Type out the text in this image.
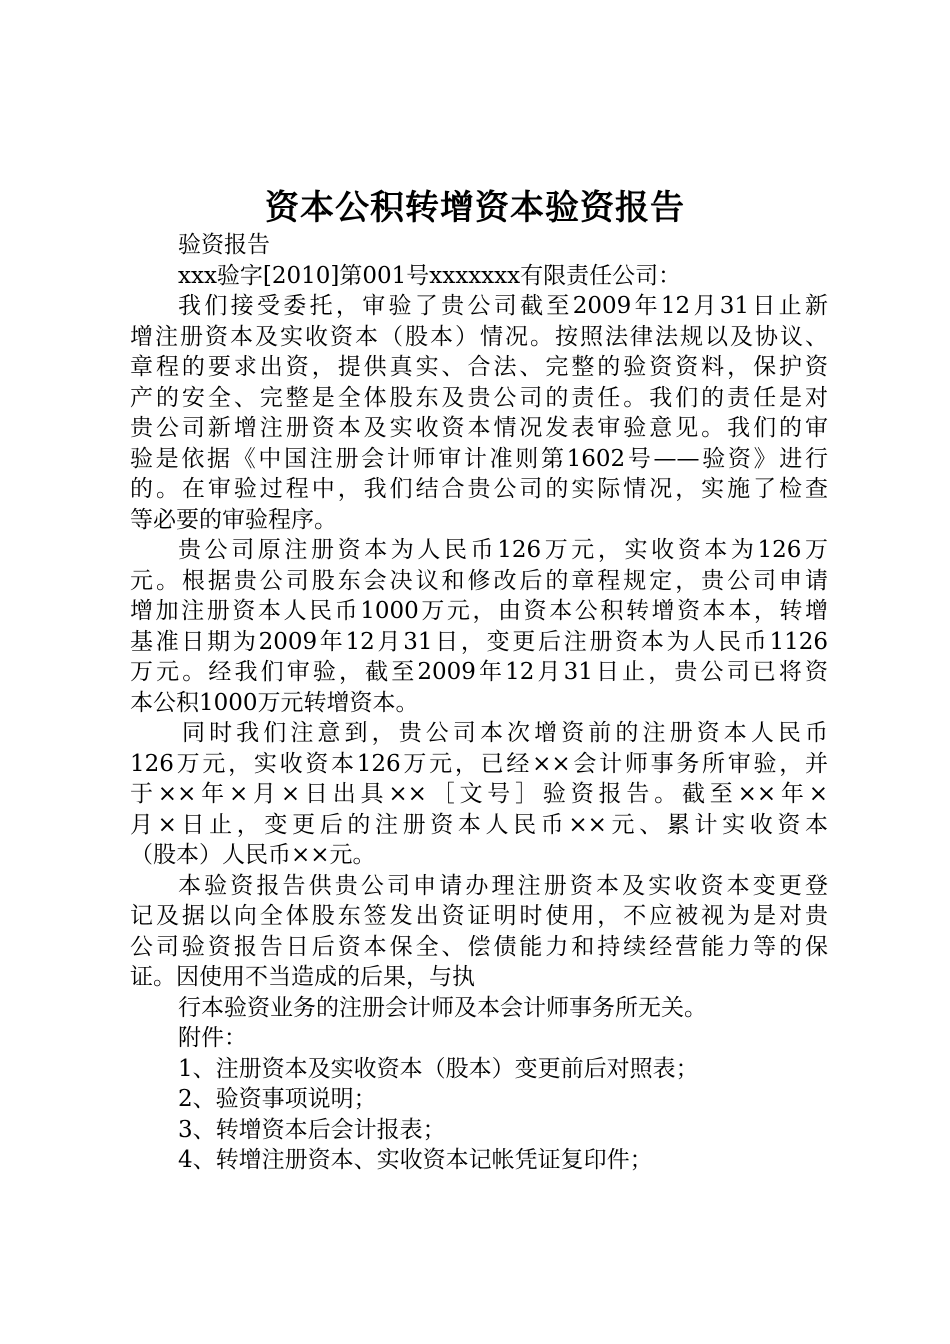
资本公积转增资本验资报告
验资报告
xxx验字[2010]第001号xxxxxxx有限责任公司：
我们接受委托，审验了贵公司截至2009年12月31日止新
增注册资本及实收资本（股本）情况。按照法律法规以及协议、
章程的要求出资，提供真实、合法、完整的验资资料，保护资
产的安全、完整是全体股东及贵公司的责任。我们的责任是对
贵公司新增注册资本及实收资本情况发表审验意见。我们的审
验是依据《中国注册会计师审计准则第1602号——验资》进行
的。在审验过程中，我们结合贵公司的实际情况，实施了检查
等必要的审验程序。
贵公司原注册资本为人民币126万元，实收资本为126万
元。根据贵公司股东会决议和修改后的章程规定，贵公司申请
增加注册资本人民币1000万元，由资本公积转增资本本，转增
基准日期为2009年12月31日，变更后注册资本为人民币1126
万元。经我们审验，截至2009年12月31日止，贵公司已将资
本公积1000万元转增资本。
同时我们注意到，贵公司本次增资前的注册资本人民币
126万元，实收资本126万元，已经××会计师事务所审验，并
于××年×月×日出具××［文号］验资报告。截至××年×
月×日止，变更后的注册资本人民币××元、累计实收资本
（股本）人民币××元。
本验资报告供贵公司申请办理注册资本及实收资本变更登
记及据以向全体股东签发出资证明时使用，不应被视为是对贵
公司验资报告日后资本保全、偿债能力和持续经营能力等的保
证。因使用不当造成的后果，与执
行本验资业务的注册会计师及本会计师事务所无关。
附件：
1、注册资本及实收资本（股本）变更前后对照表；
2、验资事项说明；
3、转增资本后会计报表；
4、转增注册资本、实收资本记帐凭证复印件；
